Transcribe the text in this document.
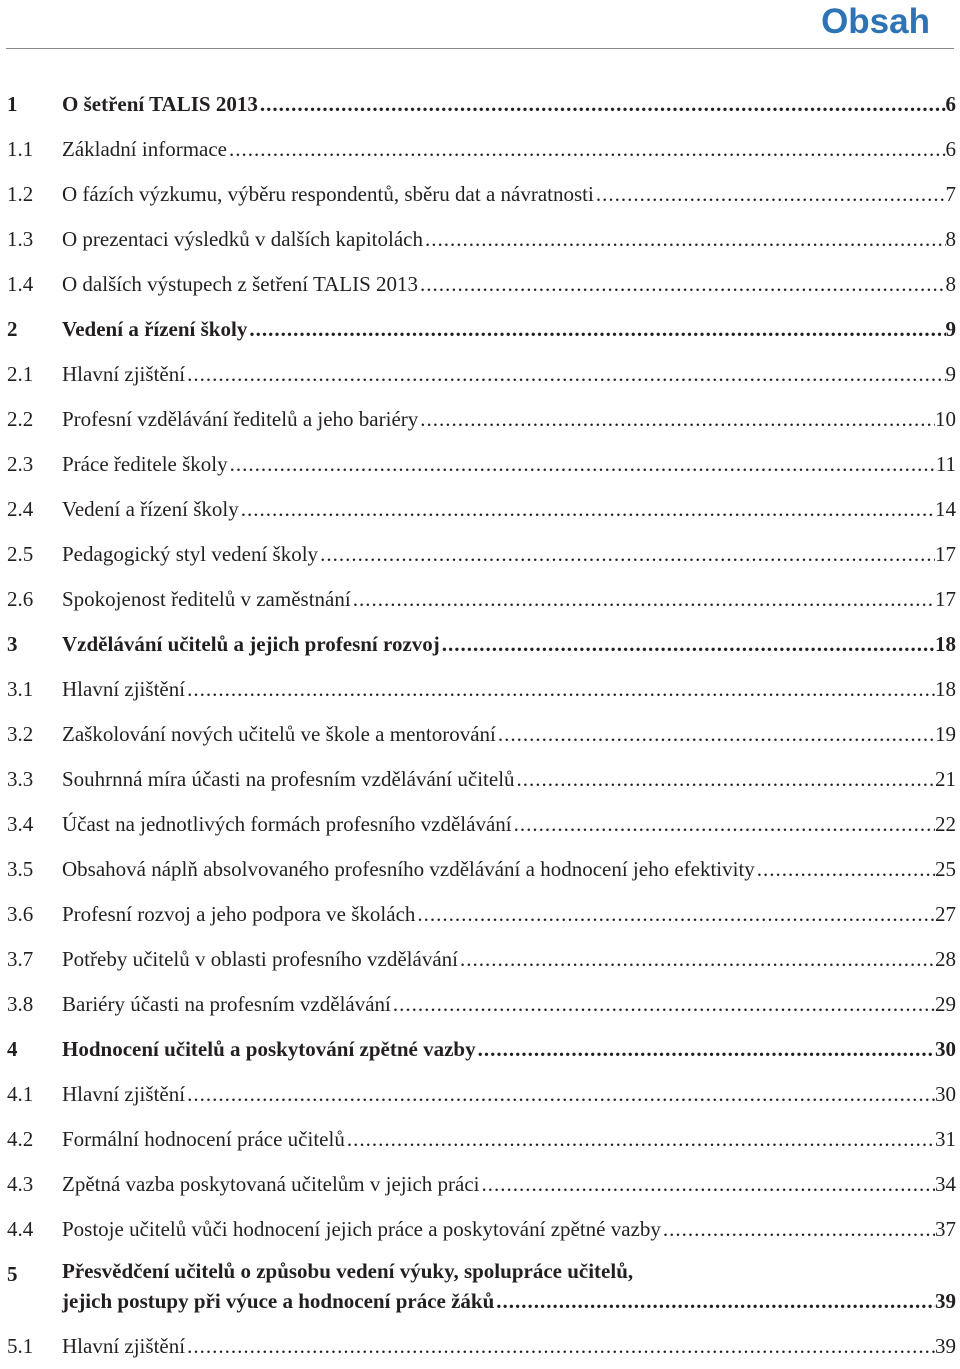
Obsah
1	O šetření TALIS 2013 .....	6
1.1	Základní informace .....	6
1.2	O fázích výzkumu, výběru respondentů, sběru dat a návratnosti .....	7
1.3	O prezentaci výsledků v dalších kapitolách .....	8
1.4	O dalších výstupech z šetření TALIS 2013 .....	8
2	Vedení a řízení školy .....	9
2.1	Hlavní zjištění .....	9
2.2	Profesní vzdělávání ředitelů a jeho bariéry .....	10
2.3	Práce ředitele školy .....	11
2.4	Vedení a řízení školy .....	14
2.5	Pedagogický styl vedení školy .....	17
2.6	Spokojenost ředitelů v zaměstnání .....	17
3	Vzdělávání učitelů a jejich profesní rozvoj .....	18
3.1	Hlavní zjištění .....	18
3.2	Zaškolování nových učitelů ve škole a mentorování .....	19
3.3	Souhrnná míra účasti na profesním vzdělávání učitelů .....	21
3.4	Účast na jednotlivých formách profesního vzdělávání .....	22
3.5	Obsahová náplň absolvovaného profesního vzdělávání a hodnocení jeho efektivity .....	25
3.6	Profesní rozvoj a jeho podpora ve školách .....	27
3.7	Potřeby učitelů v oblasti profesního vzdělávání .....	28
3.8	Bariéry účasti na profesním vzdělávání .....	29
4	Hodnocení učitelů a poskytování zpětné vazby .....	30
4.1	Hlavní zjištění .....	30
4.2	Formální hodnocení práce učitelů .....	31
4.3	Zpětná vazba poskytovaná učitelům v jejich práci .....	34
4.4	Postoje učitelů vůči hodnocení jejich práce a poskytování zpětné vazby .....	37
5	Přesvědčení učitelů o způsobu vedení výuky, spolupráce učitelů,
jejich postupy při výuce a hodnocení práce žáků .....	39
5.1	Hlavní zjištění .....	39
